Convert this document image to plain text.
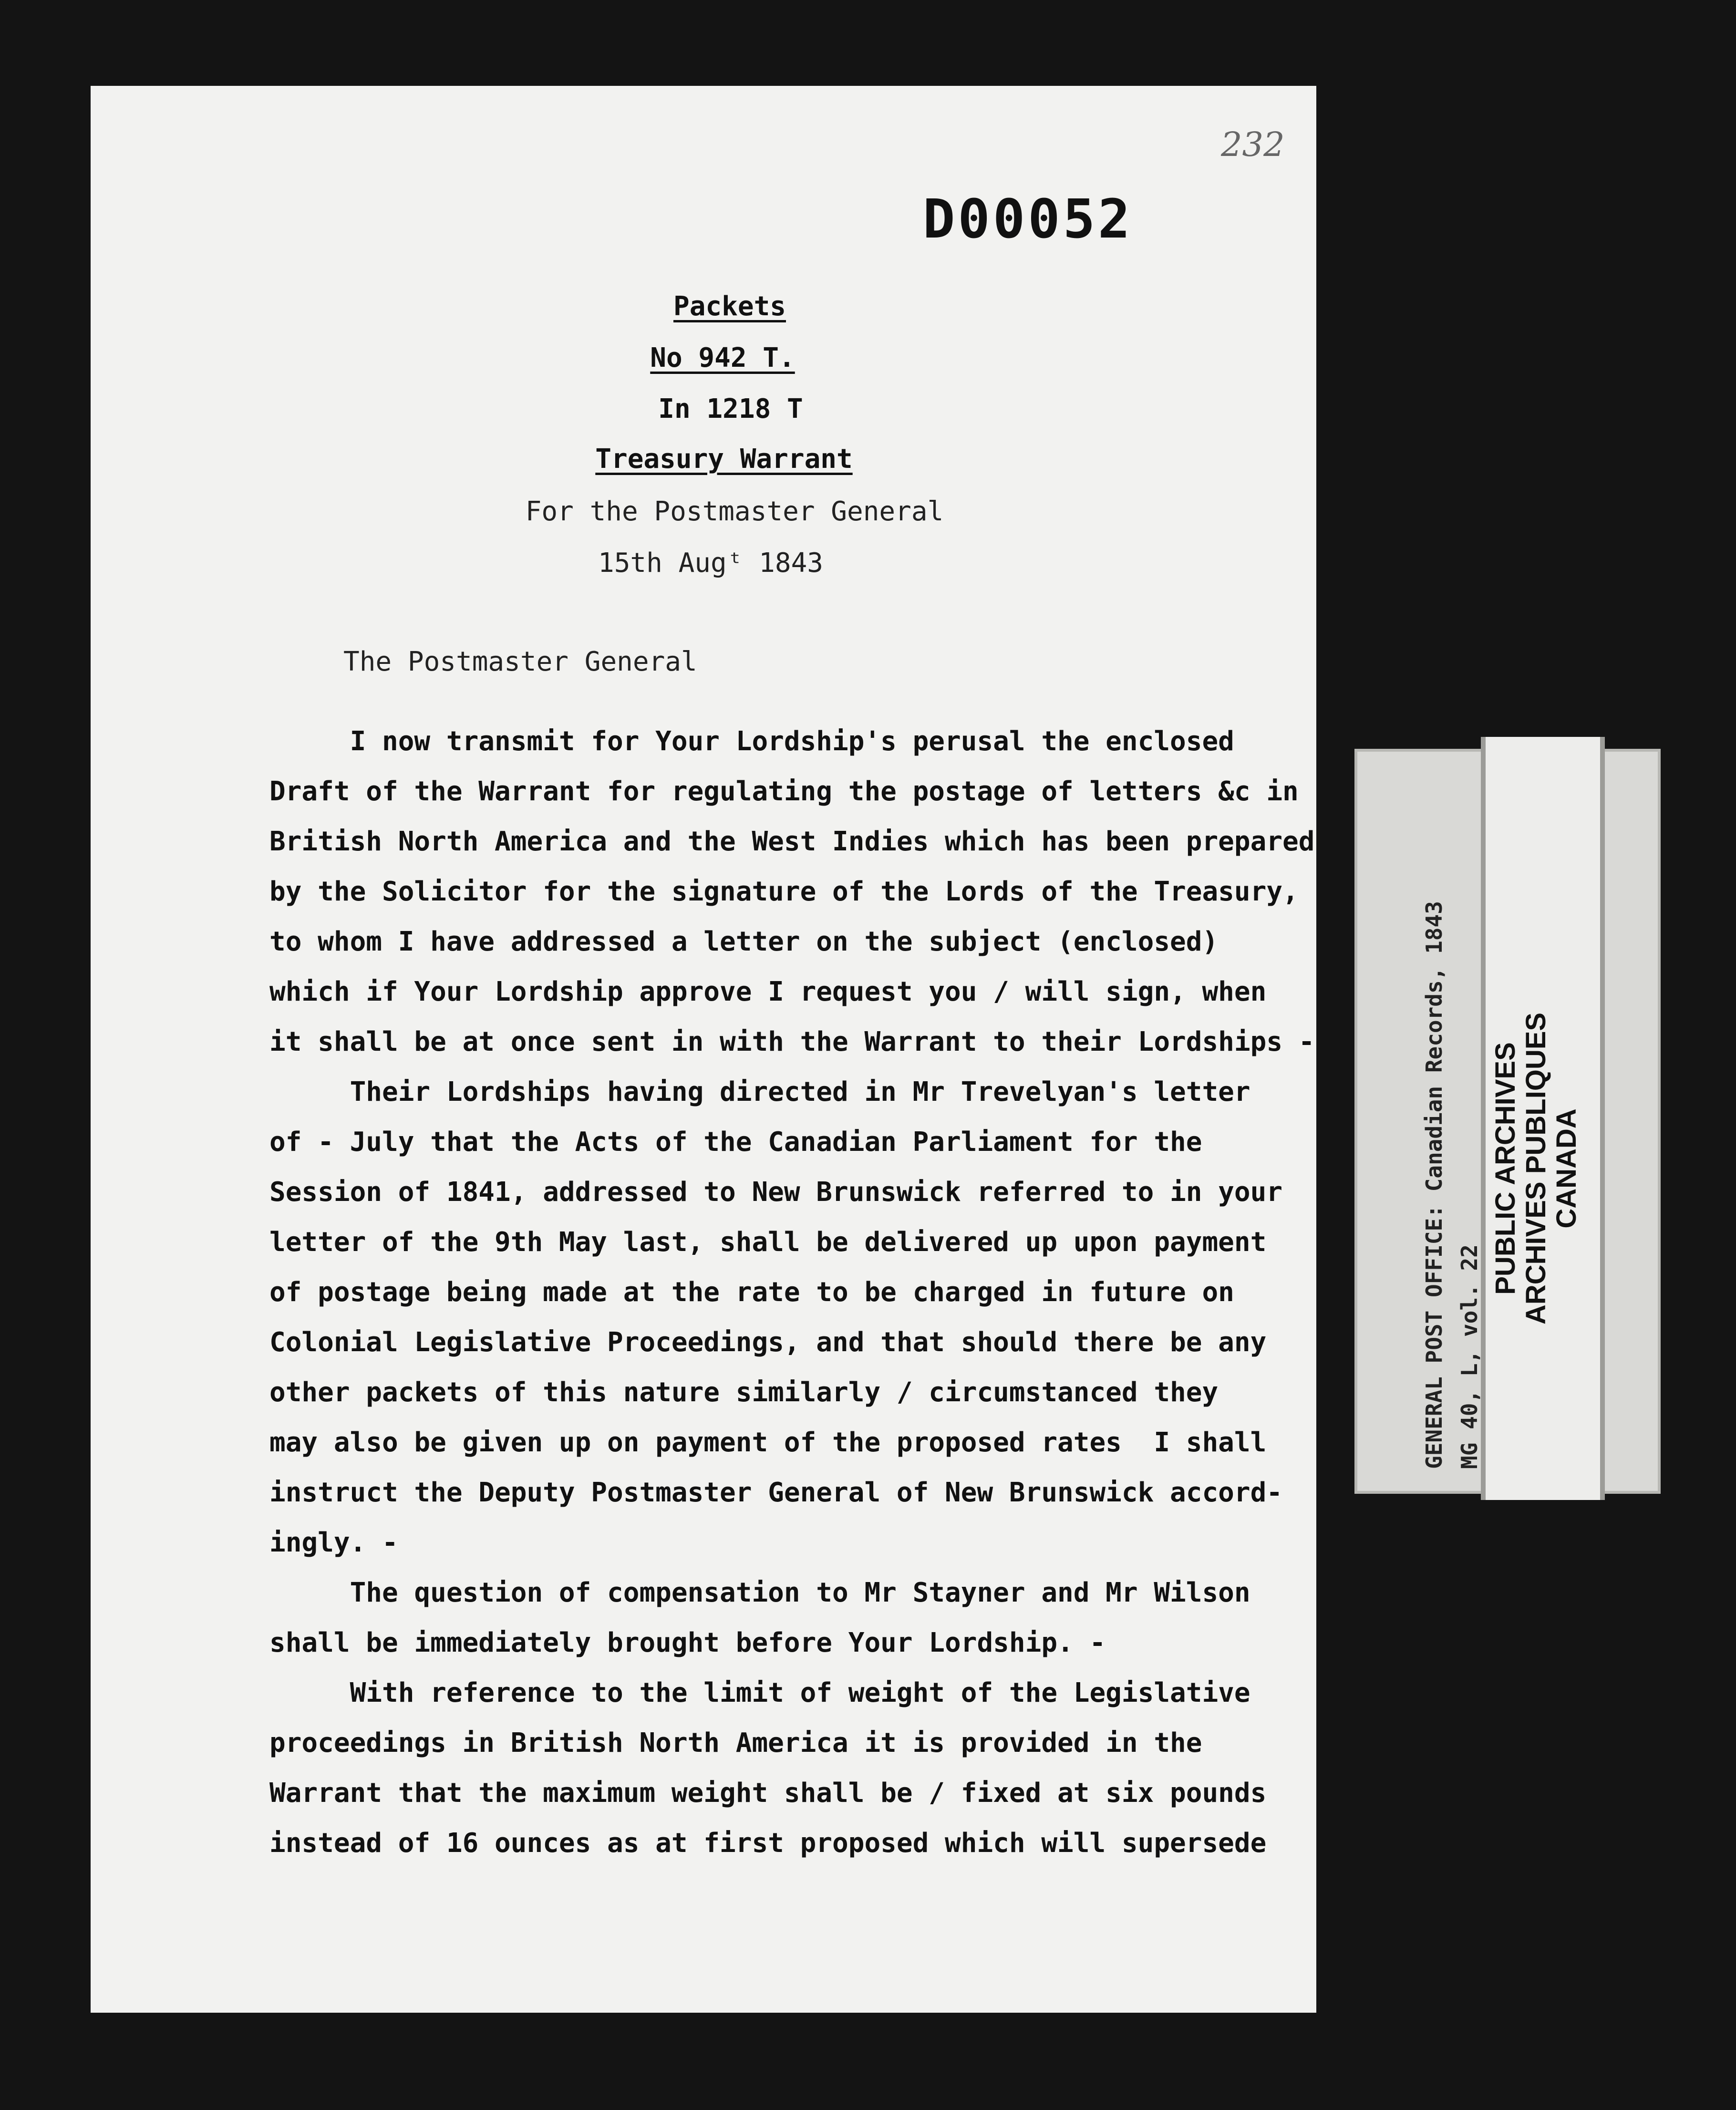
232
D00052
Packets
No 942 T.
In 1218 T
Treasury Warrant
For the Postmaster General
15th Augᵗ 1843
The Postmaster General
I now transmit for Your Lordship's perusal the enclosed
Draft of the Warrant for regulating the postage of letters &c in
British North America and the West Indies which has been prepared
by the Solicitor for the signature of the Lords of the Treasury,
to whom I have addressed a letter on the subject (enclosed)
which if Your Lordship approve I request you / will sign, when
it shall be at once sent in with the Warrant to their Lordships -
Their Lordships having directed in Mr Trevelyan's letter
of - July that the Acts of the Canadian Parliament for the
Session of 1841, addressed to New Brunswick referred to in your
letter of the 9th May last, shall be delivered up upon payment
of postage being made at the rate to be charged in future on
Colonial Legislative Proceedings, and that should there be any
other packets of this nature similarly / circumstanced they
may also be given up on payment of the proposed rates  I shall
instruct the Deputy Postmaster General of New Brunswick accord-
ingly. -
The question of compensation to Mr Stayner and Mr Wilson
shall be immediately brought before Your Lordship. -
With reference to the limit of weight of the Legislative
proceedings in British North America it is provided in the
Warrant that the maximum weight shall be / fixed at six pounds
instead of 16 ounces as at first proposed which will supersede
GENERAL POST OFFICE: Canadian Records, 1843 MG 40, L, vol. 22
PUBLIC ARCHIVES ARCHIVES PUBLIQUES CANADA
